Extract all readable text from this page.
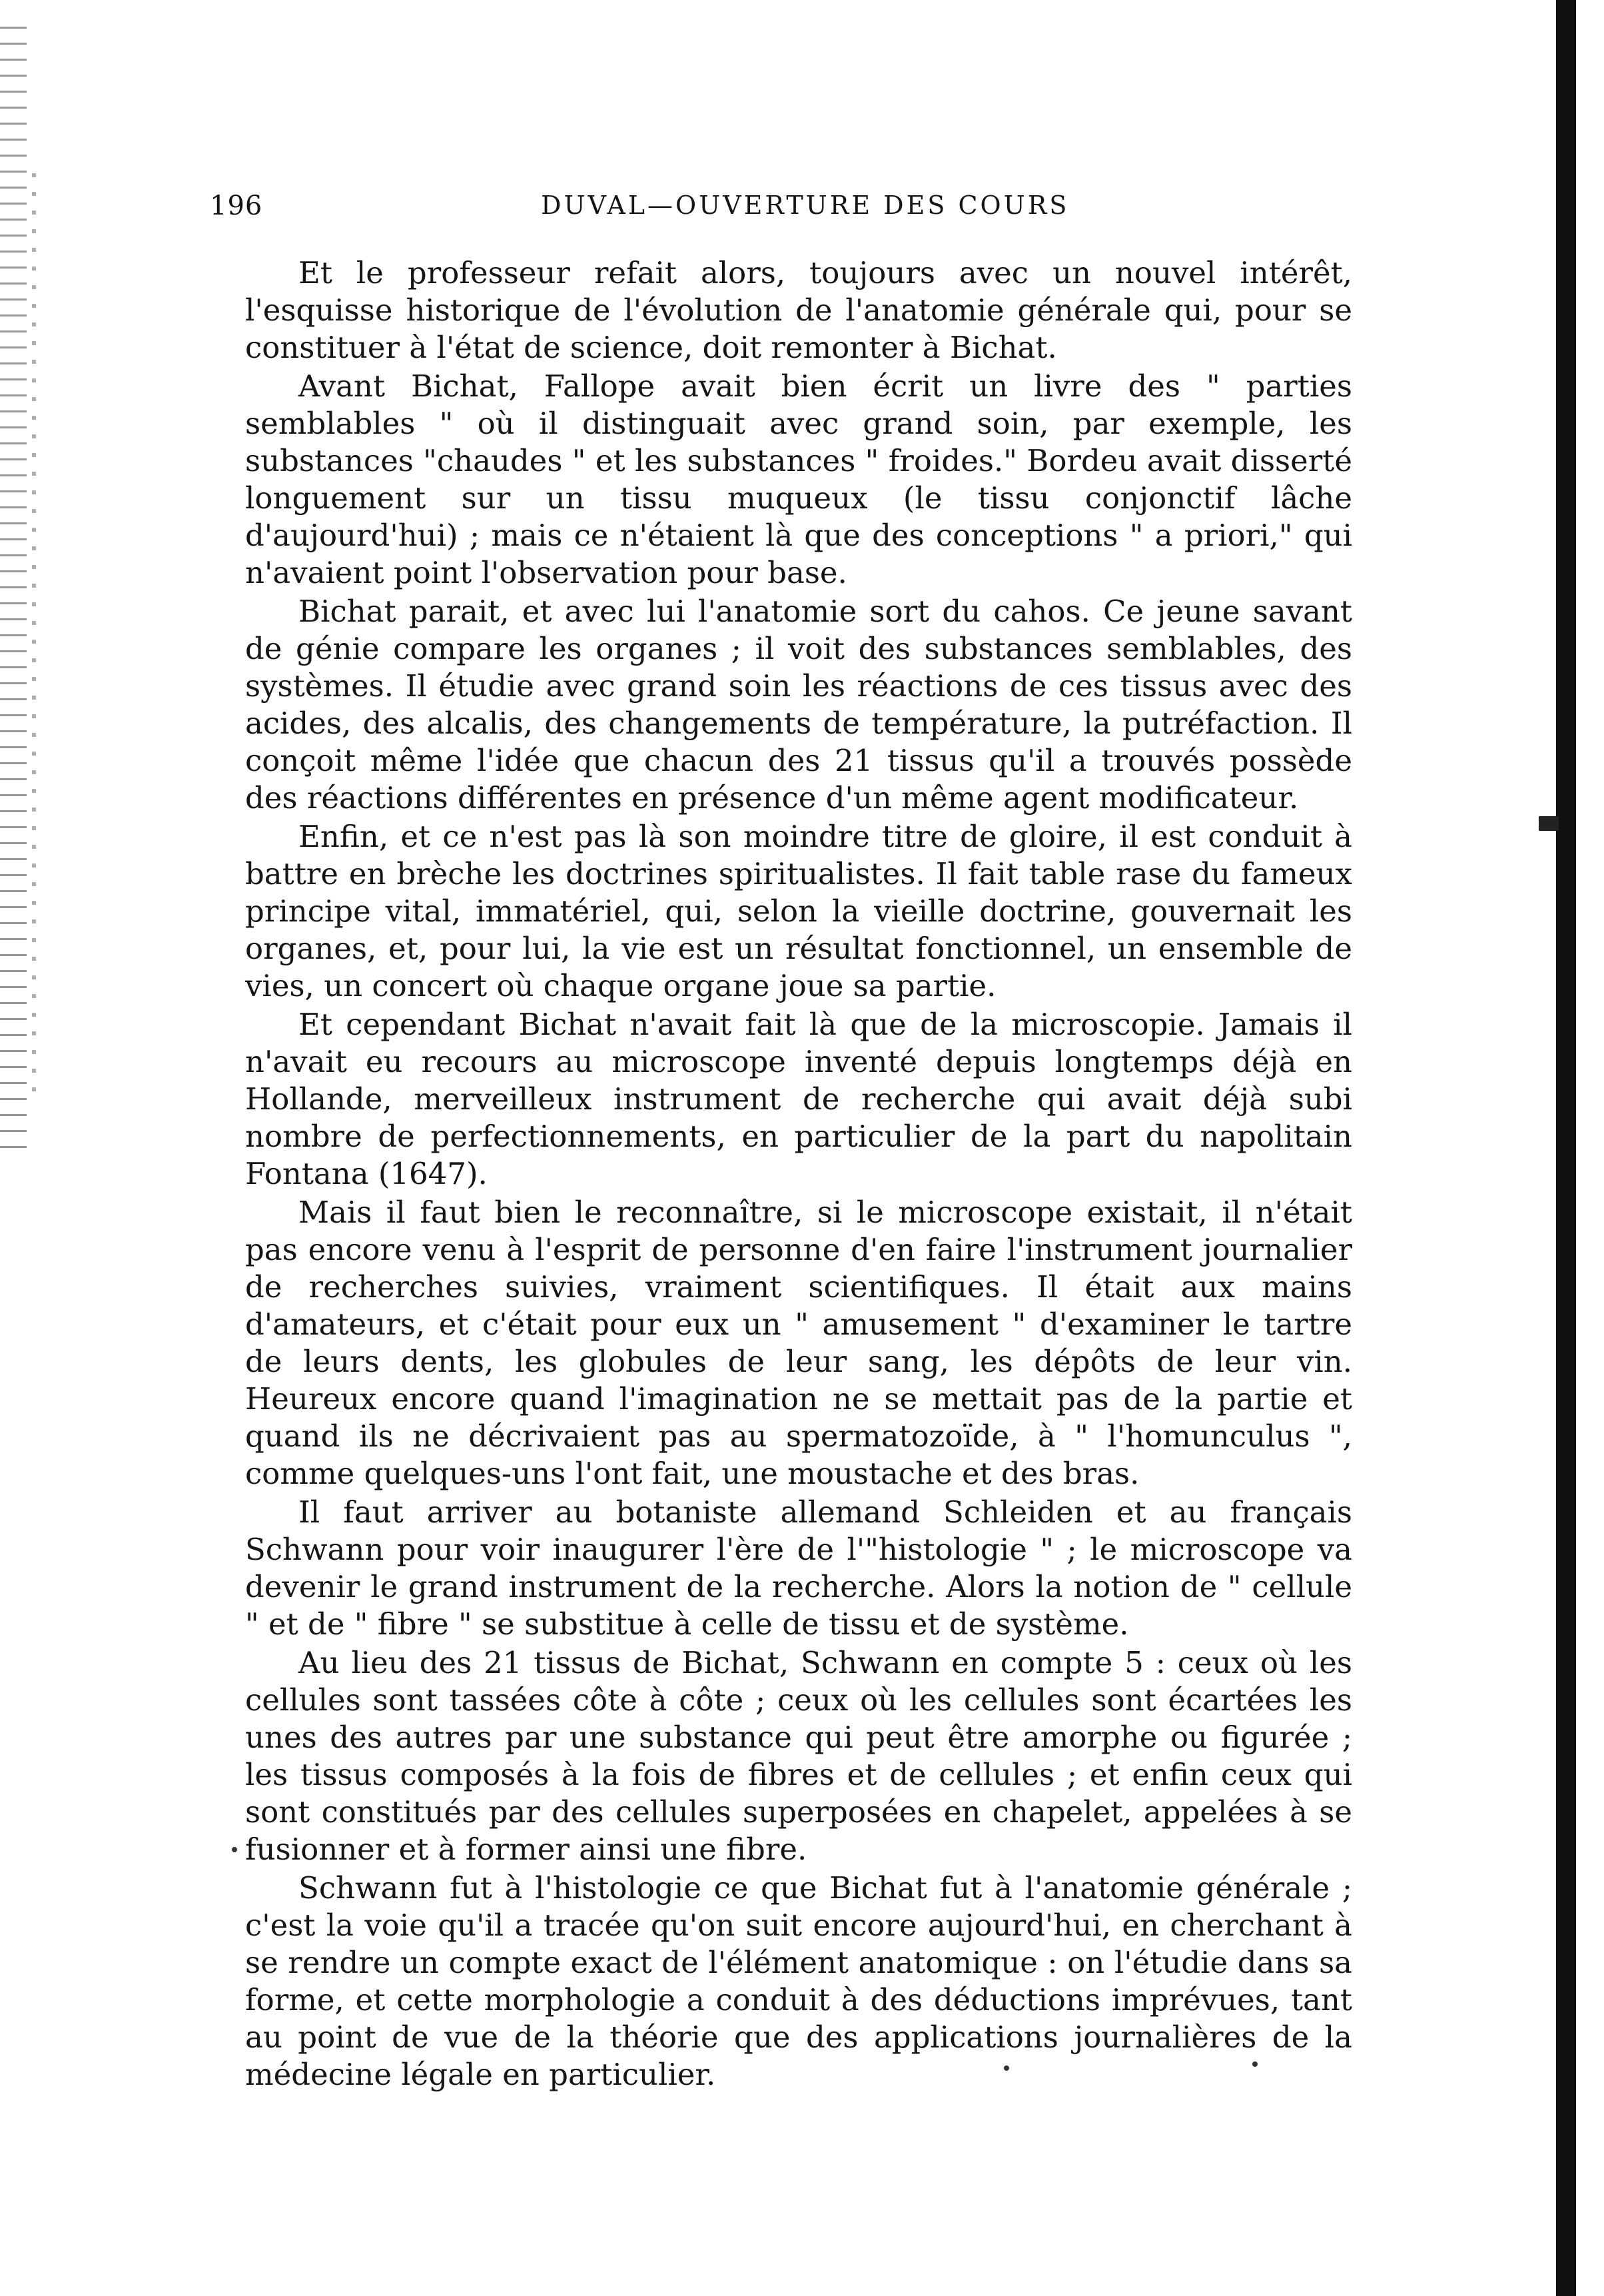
196	DUVAL—OUVERTURE DES COURS

Et le professeur refait alors, toujours avec un nouvel intérêt, l'esquisse historique de l'évolution de l'anatomie générale qui, pour se constituer à l'état de science, doit remonter à Bichat.

Avant Bichat, Fallope avait bien écrit un livre des " parties semblables " où il distinguait avec grand soin, par exemple, les substances "chaudes " et les substances " froides." Bordeu avait disserté longuement sur un tissu muqueux (le tissu conjonctif lâche d'aujourd'hui) ; mais ce n'étaient là que des conceptions " a priori," qui n'avaient point l'observation pour base.

Bichat parait, et avec lui l'anatomie sort du cahos. Ce jeune savant de génie compare les organes ; il voit des substances semblables, des systèmes. Il étudie avec grand soin les réactions de ces tissus avec des acides, des alcalis, des changements de température, la putréfaction. Il conçoit même l'idée que chacun des 21 tissus qu'il a trouvés possède des réactions différentes en présence d'un même agent modificateur.

Enfin, et ce n'est pas là son moindre titre de gloire, il est conduit à battre en brèche les doctrines spiritualistes. Il fait table rase du fameux principe vital, immatériel, qui, selon la vieille doctrine, gouvernait les organes, et, pour lui, la vie est un résultat fonctionnel, un ensemble de vies, un concert où chaque organe joue sa partie.

Et cependant Bichat n'avait fait là que de la microscopie. Jamais il n'avait eu recours au microscope inventé depuis longtemps déjà en Hollande, merveilleux instrument de recherche qui avait déjà subi nombre de perfectionnements, en particulier de la part du napolitain Fontana (1647).

Mais il faut bien le reconnaître, si le microscope existait, il n'était pas encore venu à l'esprit de personne d'en faire l'instrument journalier de recherches suivies, vraiment scientifiques. Il était aux mains d'amateurs, et c'était pour eux un " amusement " d'examiner le tartre de leurs dents, les globules de leur sang, les dépôts de leur vin. Heureux encore quand l'imagination ne se mettait pas de la partie et quand ils ne décrivaient pas au spermatozoïde, à " l'homunculus ", comme quelques-uns l'ont fait, une moustache et des bras.

Il faut arriver au botaniste allemand Schleiden et au français Schwann pour voir inaugurer l'ère de l'"histologie " ; le microscope va devenir le grand instrument de la recherche. Alors la notion de " cellule " et de " fibre " se substitue à celle de tissu et de système.

Au lieu des 21 tissus de Bichat, Schwann en compte 5 : ceux où les cellules sont tassées côte à côte ; ceux où les cellules sont écartées les unes des autres par une substance qui peut être amorphe ou figurée ; les tissus composés à la fois de fibres et de cellules ; et enfin ceux qui sont constitués par des cellules superposées en chapelet, appelées à se fusionner et à former ainsi une fibre.

Schwann fut à l'histologie ce que Bichat fut à l'anatomie générale ; c'est la voie qu'il a tracée qu'on suit encore aujourd'hui, en cherchant à se rendre un compte exact de l'élément anatomique : on l'étudie dans sa forme, et cette morphologie a conduit à des déductions imprévues, tant au point de vue de la théorie que des applications journalières de la médecine légale en particulier.
